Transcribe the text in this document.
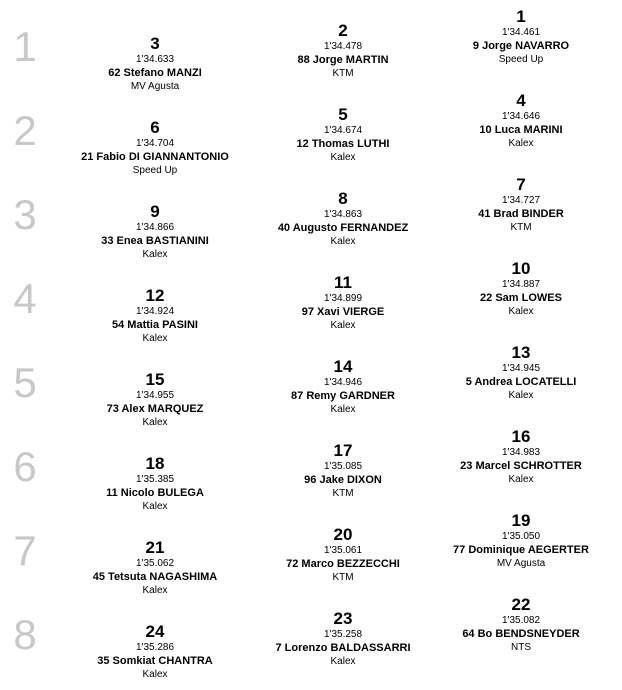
1	3
1'34.633
62 Stefano MANZI
MV Agusta
2
1'34.478
88 Jorge MARTIN
KTM
1
1'34.461
9 Jorge NAVARRO
Speed Up
2	6
1'34.704
21 Fabio DI GIANNANTONIO
Speed Up
5
1'34.674
12 Thomas LUTHI
Kalex
4
1'34.646
10 Luca MARINI
Kalex
3	9
1'34.866
33 Enea BASTIANINI
Kalex
8
1'34.863
40 Augusto FERNANDEZ
Kalex
7
1'34.727
41 Brad BINDER
KTM
4	12
1'34.924
54 Mattia PASINI
Kalex
11
1'34.899
97 Xavi VIERGE
Kalex
10
1'34.887
22 Sam LOWES
Kalex
5	15
1'34.955
73 Alex MARQUEZ
Kalex
14
1'34.946
87 Remy GARDNER
Kalex
13
1'34.945
5 Andrea LOCATELLI
Kalex
6	18
1'35.385
11 Nicolo BULEGA
Kalex
17
1'35.085
96 Jake DIXON
KTM
16
1'34.983
23 Marcel SCHROTTER
Kalex
7	21
1'35.062
45 Tetsuta NAGASHIMA
Kalex
20
1'35.061
72 Marco BEZZECCHI
KTM
19
1'35.050
77 Dominique AEGERTER
MV Agusta
8	24
1'35.286
35 Somkiat CHANTRA
Kalex
23
1'35.258
7 Lorenzo BALDASSARRI
Kalex
22
1'35.082
64 Bo BENDSNEYDER
NTS
